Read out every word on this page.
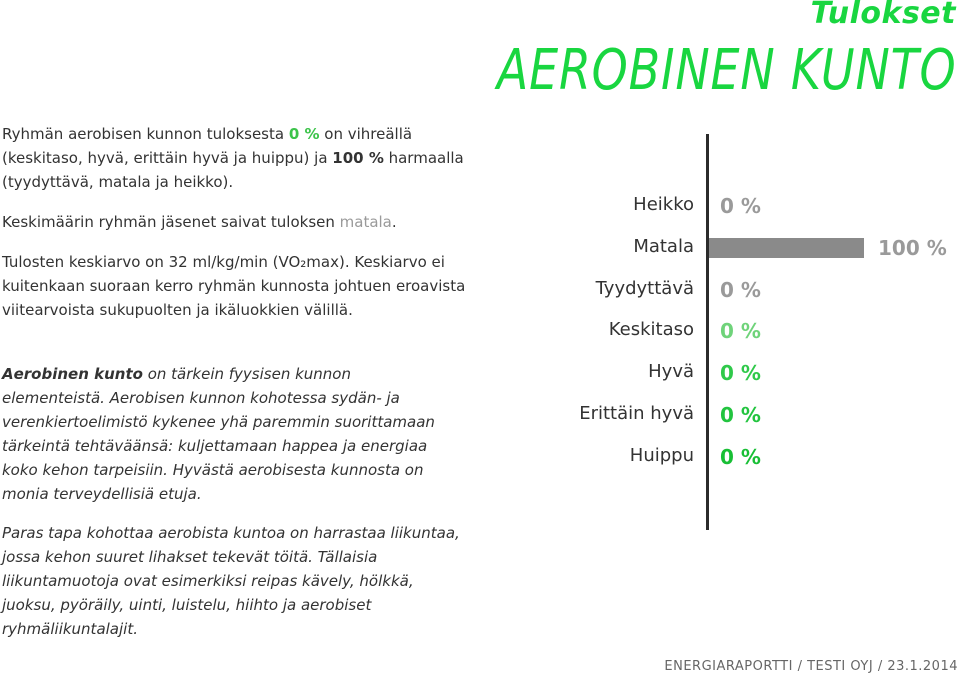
Tulokset
AEROBINEN KUNTO
Ryhmän aerobisen kunnon tuloksesta 0 % on vihreällä (keskitaso, hyvä, erittäin hyvä ja huippu) ja 100 % harmaalla (tyydyttävä, matala ja heikko).
Keskimäärin ryhmän jäsenet saivat tuloksen matala.
Tulosten keskiarvo on 32 ml/kg/min (VO₂max). Keskiarvo ei kuitenkaan suoraan kerro ryhmän kunnosta johtuen eroavista viitearvoista sukupuolten ja ikäluokkien välillä.
Aerobinen kunto on tärkein fyysisen kunnon elementeistä. Aerobisen kunnon kohotessa sydän- ja verenkiertoelimistö kykenee yhä paremmin suorittamaan tärkeintä tehtäväänsä: kuljettamaan happea ja energiaa koko kehon tarpeisiin. Hyvästä aerobisesta kunnosta on monia terveydellisiä etuja.
Paras tapa kohottaa aerobista kuntoa on harrastaa liikuntaa, jossa kehon suuret lihakset tekevät töitä. Tällaisia liikuntamuotoja ovat esimerkiksi reipas kävely, hölkkä, juoksu, pyöräily, uinti, luistelu, hiihto ja aerobiset ryhmäliikuntalajit.
Heikko 0 %
Matala	100 %
Tyydyttävä 0 %
Keskitaso 0 %
Hyvä 0 %
Erittäin hyvä 0 %
Huippu 0 %
ENERGIARAPORTTI / TESTI OYJ / 23.1.2014
